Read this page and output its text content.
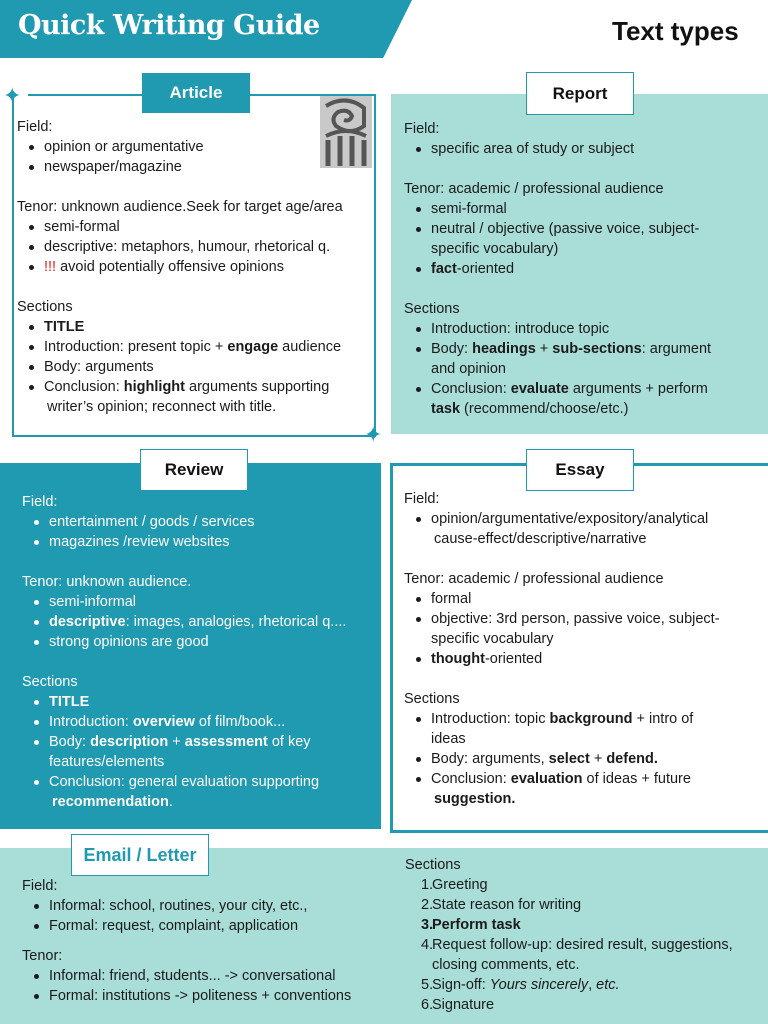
Quick Writing Guide	Text types
✦
✦
Article
Field:
opinion or argumentative
newspaper/magazine
Tenor: unknown audience.Seek for target age/area
semi-formal
descriptive: metaphors, humour, rhetorical q.
!!! avoid potentially offensive opinions
Sections
TITLE
Introduction: present topic + engage audience
Body: arguments
Conclusion: highlight arguments supporting
writer’s opinion; reconnect with title.
Report
Field:
specific area of study or subject
Tenor: academic / professional audience
semi-formal
neutral / objective (passive voice, subject-
specific vocabulary)
fact-oriented
Sections
Introduction: introduce topic
Body: headings + sub-sections: argument
and opinion
Conclusion: evaluate arguments + perform
task (recommend/choose/etc.)
Review
Field:
entertainment / goods / services
magazines /review websites
Tenor: unknown audience.
semi-informal
descriptive: images, analogies, rhetorical q....
strong opinions are good
Sections
TITLE
Introduction: overview of film/book...
Body: description + assessment of key
features/elements
Conclusion: general evaluation supporting
recommendation.
Essay
Field:
opinion/argumentative/expository/analytical
cause-effect/descriptive/narrative
Tenor: academic / professional audience
formal
objective: 3rd person, passive voice, subject-
specific vocabulary
thought-oriented
Sections
Introduction: topic background + intro of
ideas
Body: arguments, select + defend.
Conclusion: evaluation of ideas + future
suggestion.
Email / Letter
Field:
Informal: school, routines, your city, etc.,
Formal: request, complaint, application
Tenor:
Informal: friend, students... -> conversational
Formal: institutions -> politeness + conventions
Sections
1.
Greeting
2.
State reason for writing
3.
Perform task
4.
Request follow-up: desired result, suggestions,
closing comments, etc.
5.
Sign-off: Yours sincerely, etc.
6.
Signature
